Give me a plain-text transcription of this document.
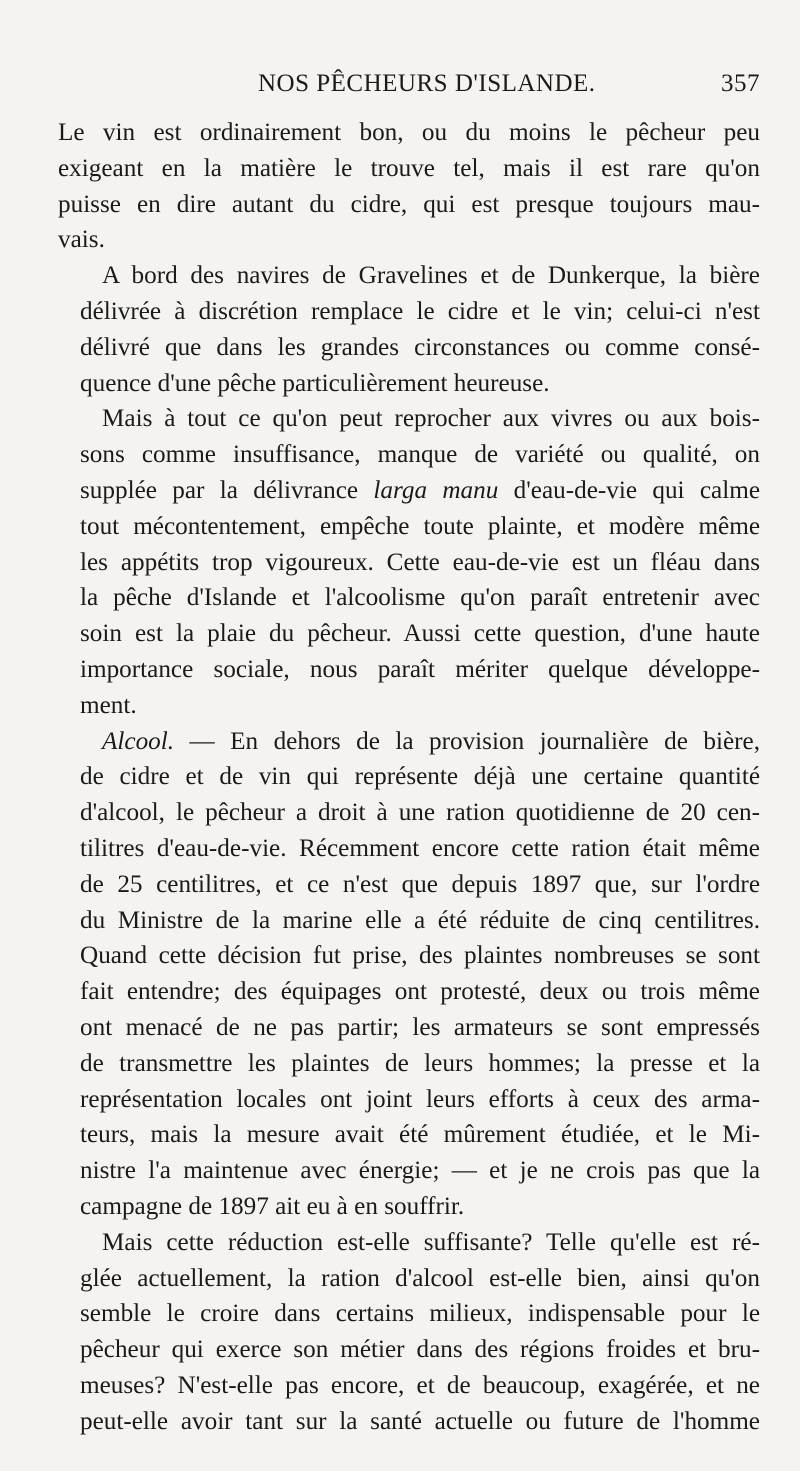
NOS PÊCHEURS D'ISLANDE.	357

Le vin est ordinairement bon, ou du moins le pêcheur peu
exigeant en la matière le trouve tel, mais il est rare qu'on
puisse en dire autant du cidre, qui est presque toujours mau-
vais.

A bord des navires de Gravelines et de Dunkerque, la bière
délivrée à discrétion remplace le cidre et le vin; celui-ci n'est
délivré que dans les grandes circonstances ou comme consé-
quence d'une pêche particulièrement heureuse.

Mais à tout ce qu'on peut reprocher aux vivres ou aux bois-
sons comme insuffisance, manque de variété ou qualité, on
supplée par la délivrance larga manu d'eau-de-vie qui calme
tout mécontentement, empêche toute plainte, et modère même
les appétits trop vigoureux. Cette eau-de-vie est un fléau dans
la pêche d'Islande et l'alcoolisme qu'on paraît entretenir avec
soin est la plaie du pêcheur. Aussi cette question, d'une haute
importance sociale, nous paraît mériter quelque développe-
ment.

Alcool. — En dehors de la provision journalière de bière,
de cidre et de vin qui représente déjà une certaine quantité
d'alcool, le pêcheur a droit à une ration quotidienne de 20 cen-
tilitres d'eau-de-vie. Récemment encore cette ration était même
de 25 centilitres, et ce n'est que depuis 1897 que, sur l'ordre
du Ministre de la marine elle a été réduite de cinq centilitres.
Quand cette décision fut prise, des plaintes nombreuses se sont
fait entendre; des équipages ont protesté, deux ou trois même
ont menacé de ne pas partir; les armateurs se sont empressés
de transmettre les plaintes de leurs hommes; la presse et la
représentation locales ont joint leurs efforts à ceux des arma-
teurs, mais la mesure avait été mûrement étudiée, et le Mi-
nistre l'a maintenue avec énergie; — et je ne crois pas que la
campagne de 1897 ait eu à en souffrir.

Mais cette réduction est-elle suffisante? Telle qu'elle est ré-
glée actuellement, la ration d'alcool est-elle bien, ainsi qu'on
semble le croire dans certains milieux, indispensable pour le
pêcheur qui exerce son métier dans des régions froides et bru-
meuses? N'est-elle pas encore, et de beaucoup, exagérée, et ne
peut-elle avoir tant sur la santé actuelle ou future de l'homme
